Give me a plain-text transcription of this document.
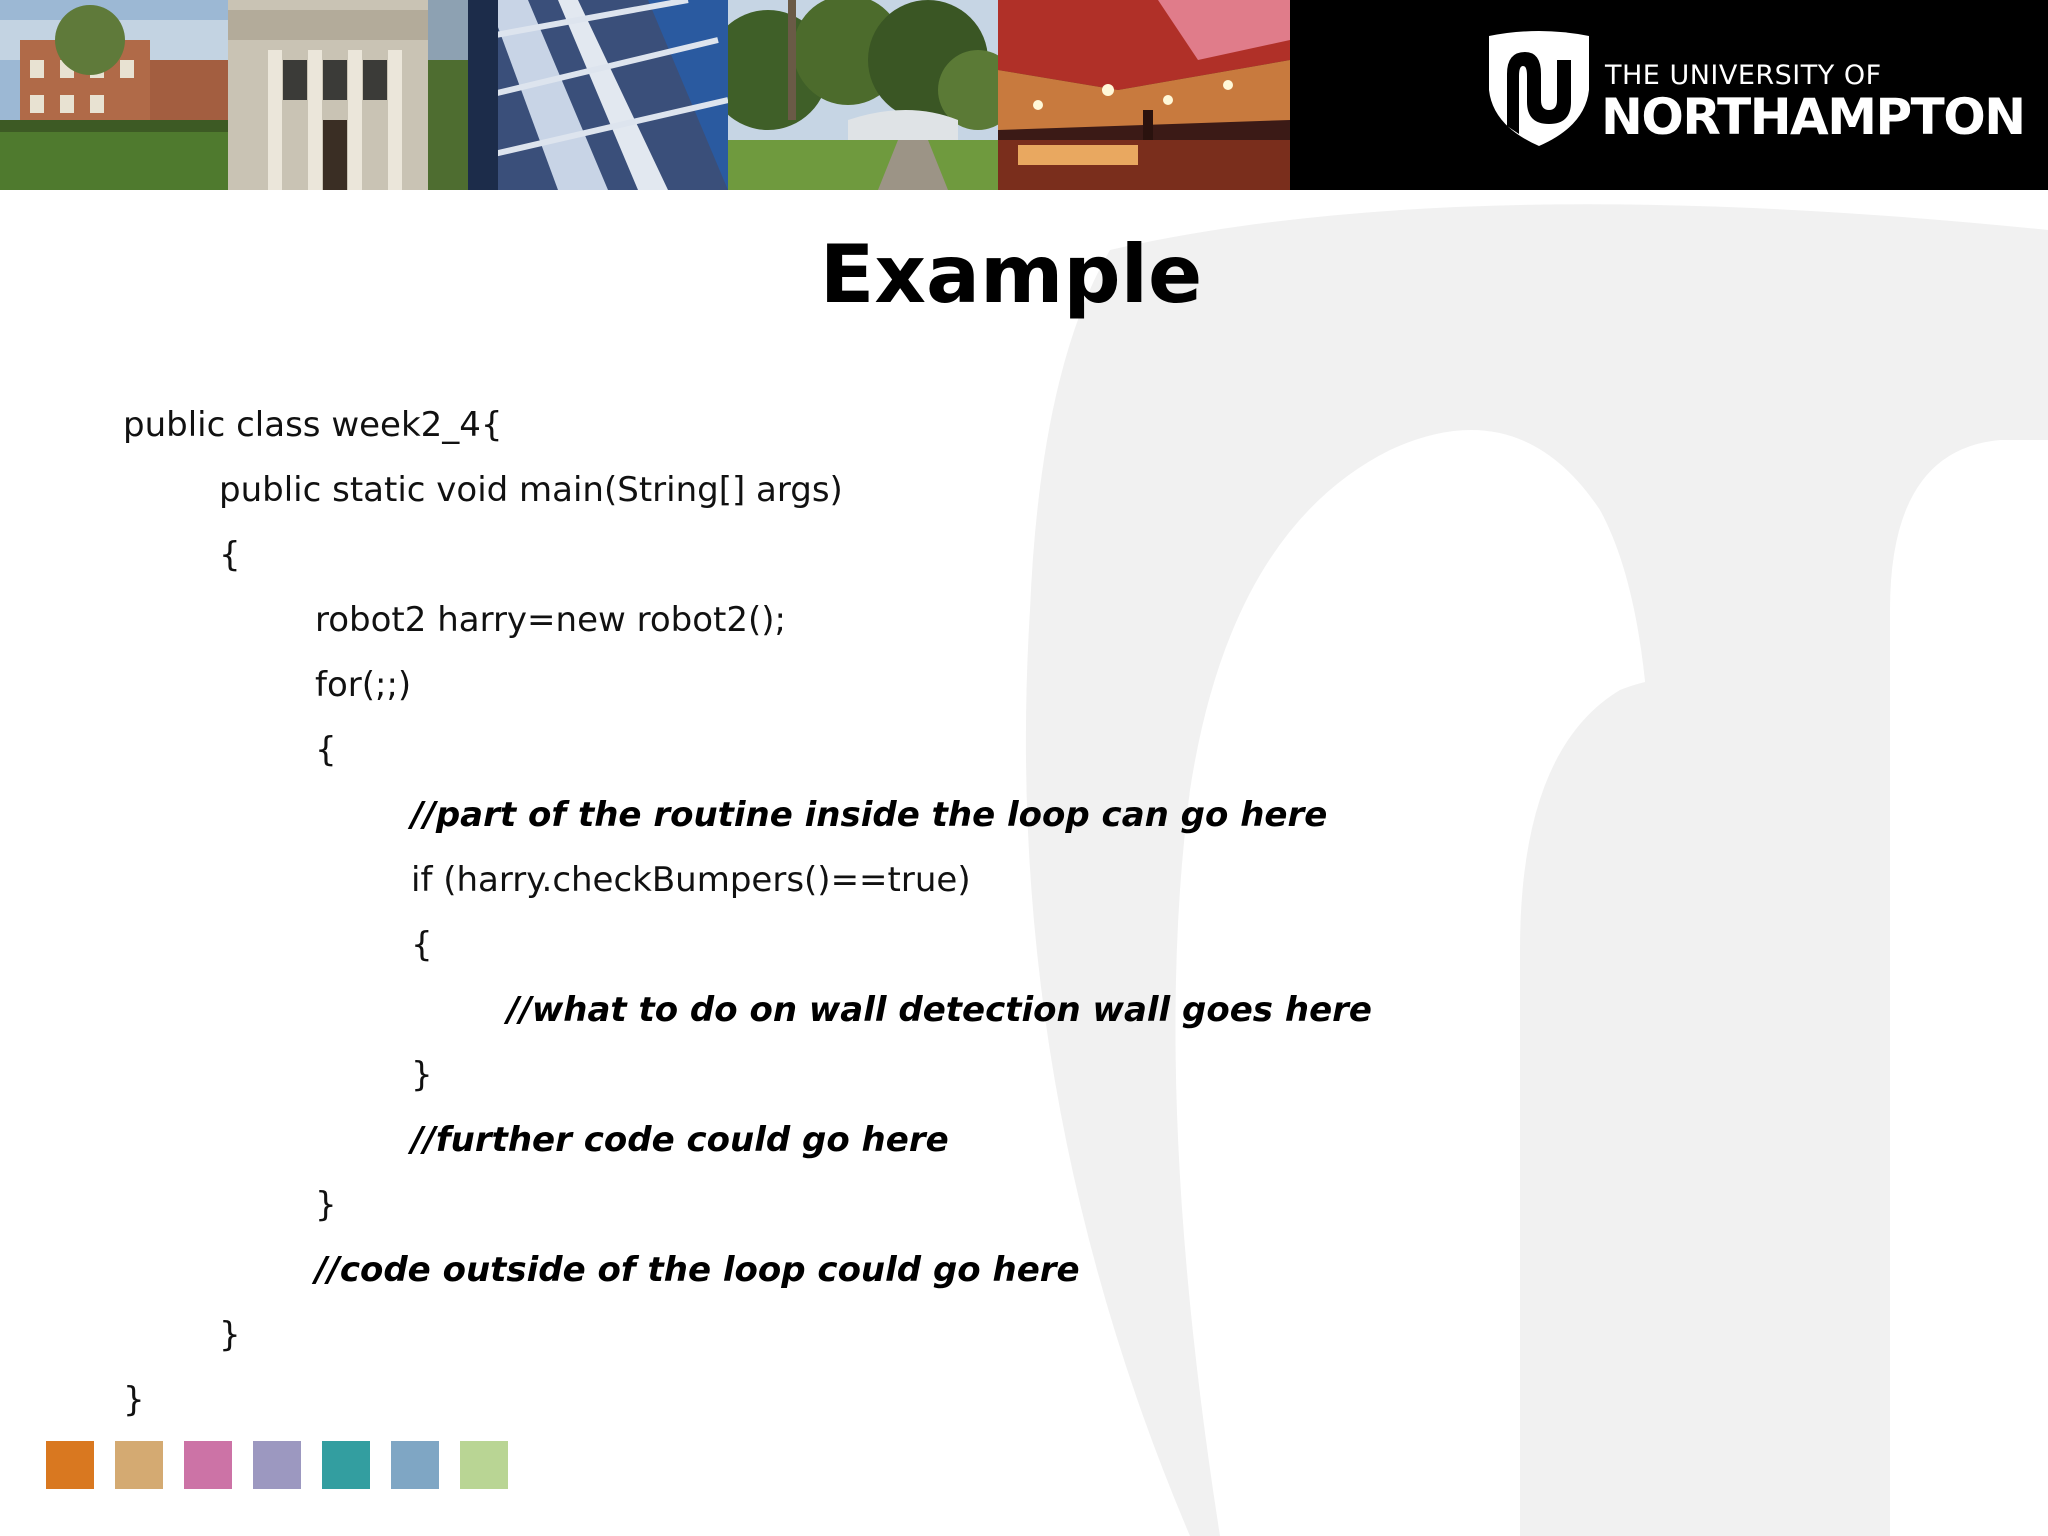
THE UNIVERSITY OF
NORTHAMPTON
Example
public class week2_4{
public static void main(String[] args)
{
robot2 harry=new robot2();
for(;;)
{
//part of the routine inside the loop can go here
if (harry.checkBumpers()==true)
{
//what to do on wall detection wall goes here
}
//further code could go here
}
//code outside of the loop could go here
}
}
